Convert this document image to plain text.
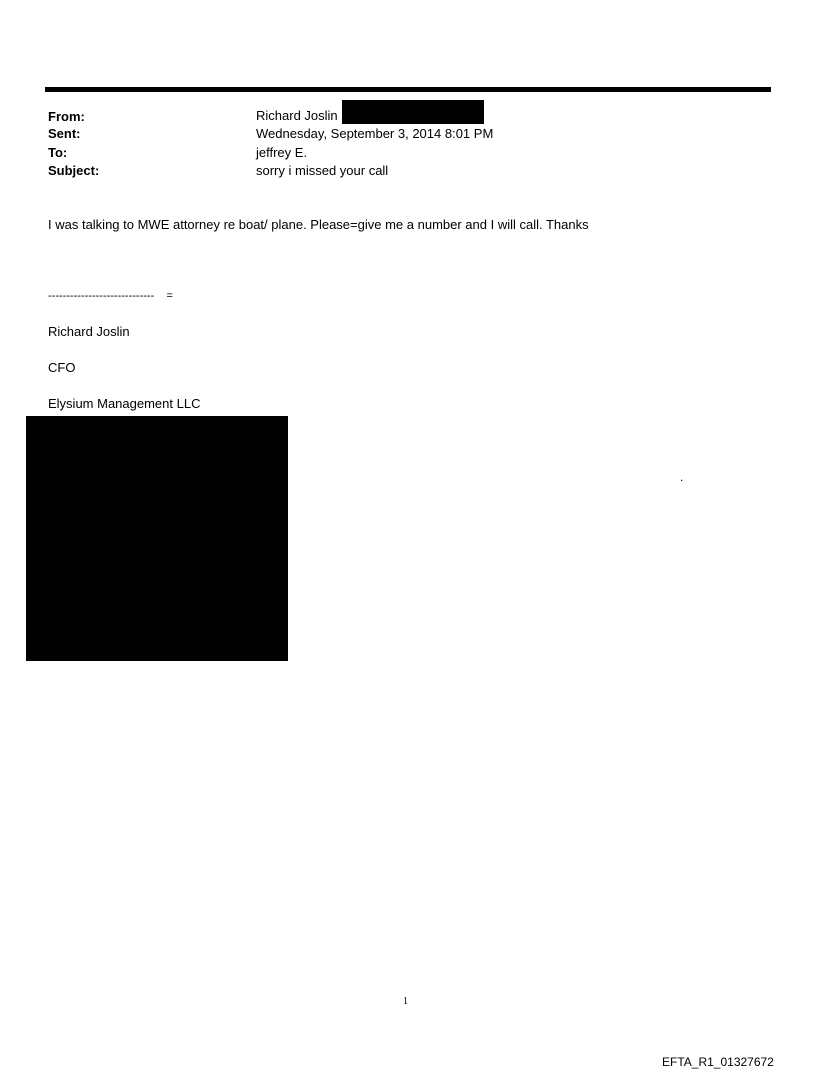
From:	Richard Joslin
Sent:	Wednesday, September 3, 2014 8:01 PM
To:	jeffrey E.
Subject:	sorry i missed your call
I was talking to MWE attorney re boat/ plane. Please=give me a number and I will call. Thanks
-----------------------------    =
Richard Joslin
CFO
Elysium Management LLC
.
1
EFTA_R1_01327672
